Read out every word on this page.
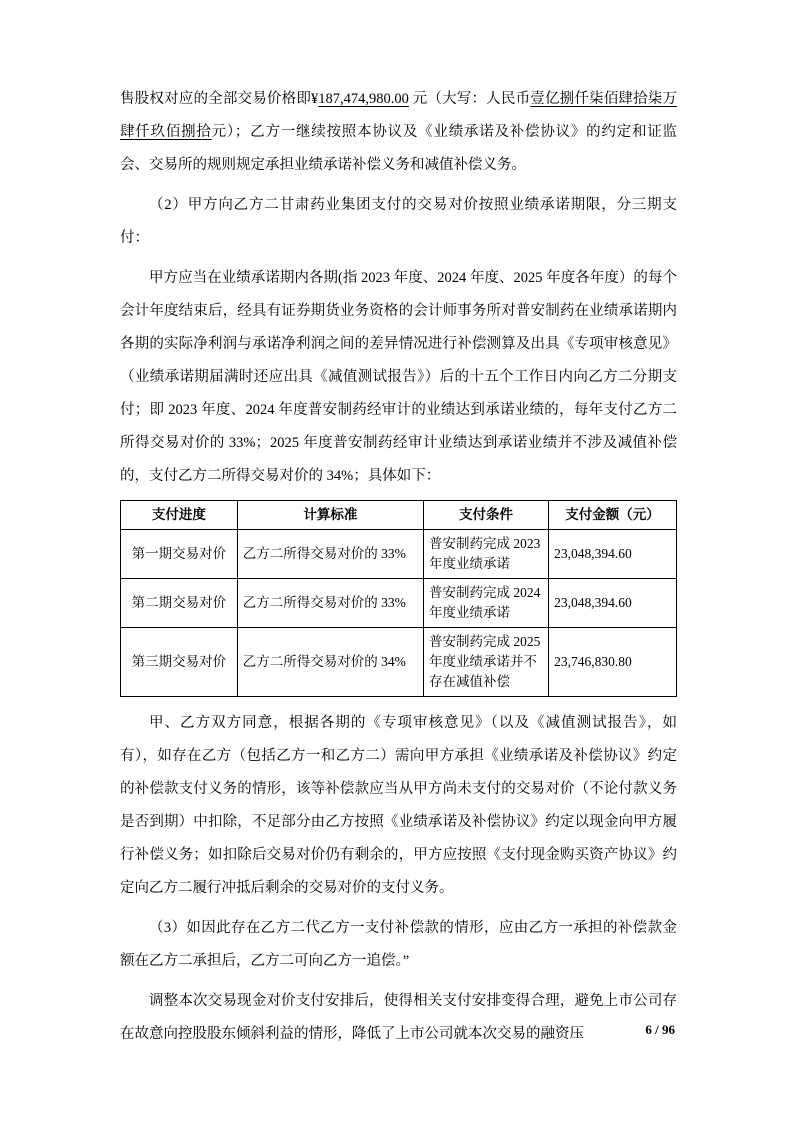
售股权对应的全部交易价格即¥187,474,980.00 元（大写：人民币壹亿捌仟柒佰肆拾柒万肆仟玖佰捌拾元）；乙方一继续按照本协议及《业绩承诺及补偿协议》的约定和证监会、交易所的规则规定承担业绩承诺补偿义务和减值补偿义务。

（2）甲方向乙方二甘肃药业集团支付的交易对价按照业绩承诺期限，分三期支付：

甲方应当在业绩承诺期内各期(指 2023 年度、2024 年度、2025 年度各年度）的每个会计年度结束后，经具有证券期货业务资格的会计师事务所对普安制药在业绩承诺期内各期的实际净利润与承诺净利润之间的差异情况进行补偿测算及出具《专项审核意见》（业绩承诺期届满时还应出具《减值测试报告》）后的十五个工作日内向乙方二分期支付；即 2023 年度、2024 年度普安制药经审计的业绩达到承诺业绩的，每年支付乙方二所得交易对价的 33%；2025 年度普安制药经审计业绩达到承诺业绩并不涉及减值补偿的，支付乙方二所得交易对价的 34%；具体如下：

支付进度	计算标准	支付条件	支付金额（元）
第一期交易对价	乙方二所得交易对价的 33%	普安制药完成 2023 年度业绩承诺	23,048,394.60
第二期交易对价	乙方二所得交易对价的 33%	普安制药完成 2024 年度业绩承诺	23,048,394.60
第三期交易对价	乙方二所得交易对价的 34%	普安制药完成 2025 年度业绩承诺并不存在减值补偿	23,746,830.80

甲、乙方双方同意，根据各期的《专项审核意见》（以及《减值测试报告》，如有），如存在乙方（包括乙方一和乙方二）需向甲方承担《业绩承诺及补偿协议》约定的补偿款支付义务的情形，该等补偿款应当从甲方尚未支付的交易对价（不论付款义务是否到期）中扣除，不足部分由乙方按照《业绩承诺及补偿协议》约定以现金向甲方履行补偿义务；如扣除后交易对价仍有剩余的，甲方应按照《支付现金购买资产协议》约定向乙方二履行冲抵后剩余的交易对价的支付义务。

（3）如因此存在乙方二代乙方一支付补偿款的情形，应由乙方一承担的补偿款金额在乙方二承担后，乙方二可向乙方一追偿。”

调整本次交易现金对价支付安排后，使得相关支付安排变得合理，避免上市公司存在故意向控股股东倾斜利益的情形，降低了上市公司就本次交易的融资压	6 / 96
